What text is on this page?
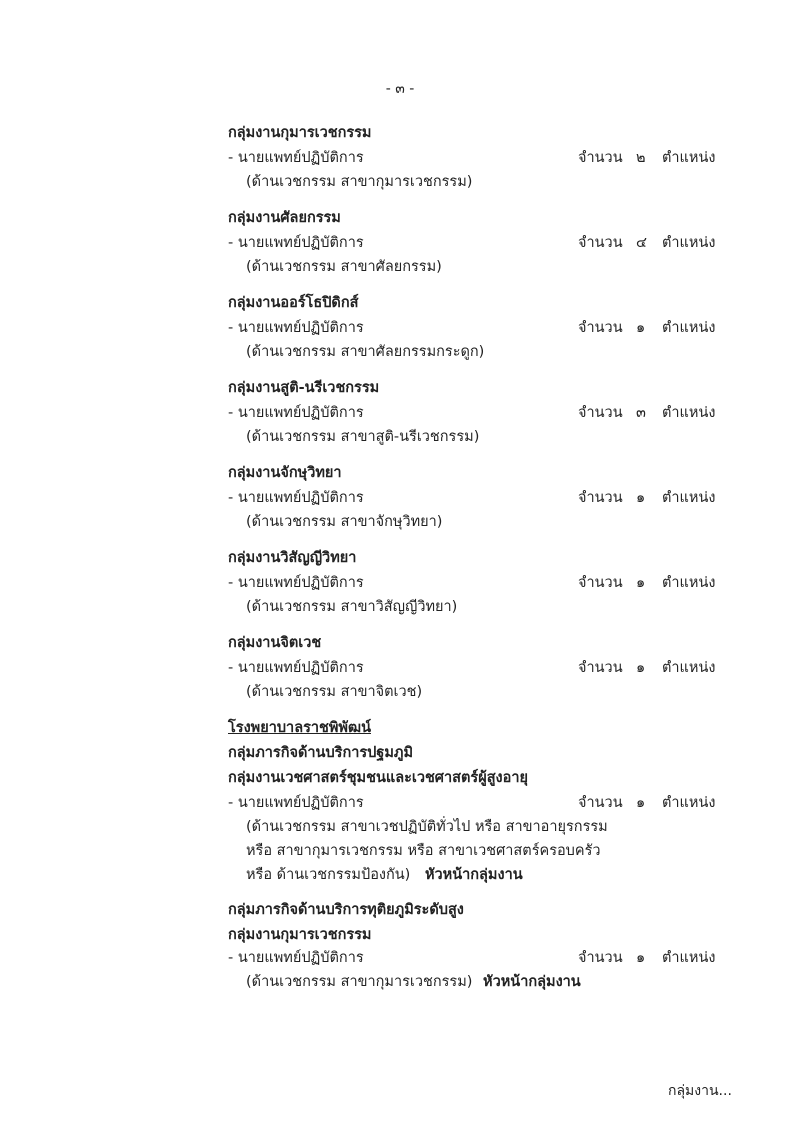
- ๓ -
กลุ่มงานกุมารเวชกรรม
- นายแพทย์ปฏิบัติการ	จำนวน ๒ ตำแหน่ง
(ด้านเวชกรรม สาขากุมารเวชกรรม)
กลุ่มงานศัลยกรรม
- นายแพทย์ปฏิบัติการ	จำนวน ๔ ตำแหน่ง
(ด้านเวชกรรม สาขาศัลยกรรม)
กลุ่มงานออร์โธปิดิกส์
- นายแพทย์ปฏิบัติการ	จำนวน ๑ ตำแหน่ง
(ด้านเวชกรรม สาขาศัลยกรรมกระดูก)
กลุ่มงานสูติ-นรีเวชกรรม
- นายแพทย์ปฏิบัติการ	จำนวน ๓ ตำแหน่ง
(ด้านเวชกรรม สาขาสูติ-นรีเวชกรรม)
กลุ่มงานจักษุวิทยา
- นายแพทย์ปฏิบัติการ	จำนวน ๑ ตำแหน่ง
(ด้านเวชกรรม สาขาจักษุวิทยา)
กลุ่มงานวิสัญญีวิทยา
- นายแพทย์ปฏิบัติการ	จำนวน ๑ ตำแหน่ง
(ด้านเวชกรรม สาขาวิสัญญีวิทยา)
กลุ่มงานจิตเวช
- นายแพทย์ปฏิบัติการ	จำนวน ๑ ตำแหน่ง
(ด้านเวชกรรม สาขาจิตเวช)
โรงพยาบาลราชพิพัฒน์
กลุ่มภารกิจด้านบริการปฐมภูมิ
กลุ่มงานเวชศาสตร์ชุมชนและเวชศาสตร์ผู้สูงอายุ
- นายแพทย์ปฏิบัติการ	จำนวน ๑ ตำแหน่ง
(ด้านเวชกรรม สาขาเวชปฏิบัติทั่วไป หรือ สาขาอายุรกรรม
หรือ สาขากุมารเวชกรรม หรือ สาขาเวชศาสตร์ครอบครัว
หรือ ด้านเวชกรรมป้องกัน) หัวหน้ากลุ่มงาน
กลุ่มภารกิจด้านบริการทุติยภูมิระดับสูง
กลุ่มงานกุมารเวชกรรม
- นายแพทย์ปฏิบัติการ	จำนวน ๑ ตำแหน่ง
(ด้านเวชกรรม สาขากุมารเวชกรรม) หัวหน้ากลุ่มงาน
กลุ่มงาน...
